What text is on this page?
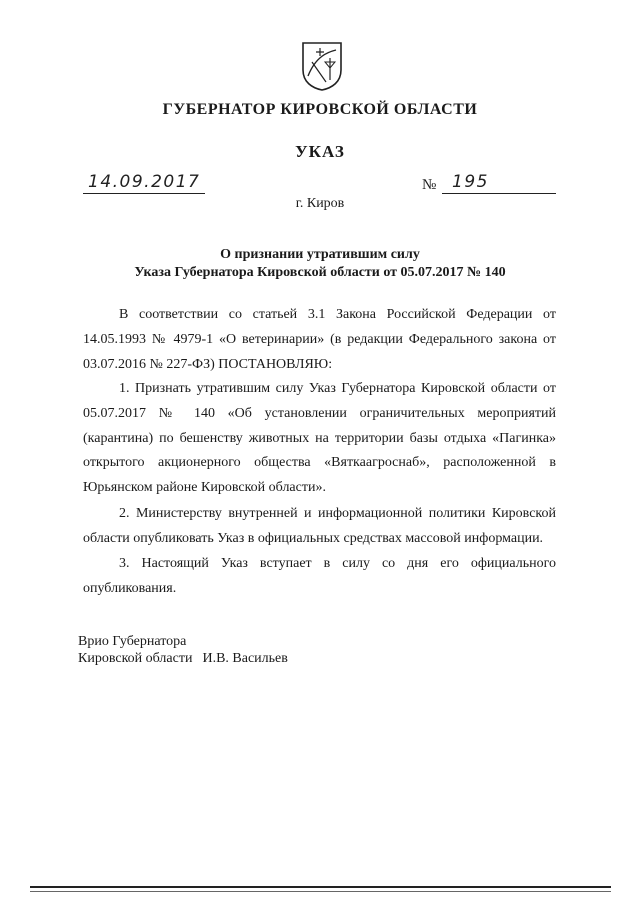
ГУБЕРНАТОР КИРОВСКОЙ ОБЛАСТИ
УКАЗ
14.09.2017	№ 195
г. Киров
О признании утратившим силу
Указа Губернатора Кировской области от 05.07.2017 № 140
В соответствии со статьей 3.1 Закона Российской Федерации от 14.05.1993 № 4979-1 «О ветеринарии» (в редакции Федерального закона от 03.07.2016 № 227-ФЗ) ПОСТАНОВЛЯЮ:
1. Признать утратившим силу Указ Губернатора Кировской области от 05.07.2017 № 140 «Об установлении ограничительных мероприятий (карантина) по бешенству животных на территории базы отдыха «Пагинка» открытого акционерного общества «Вяткаагроснаб», расположенной в Юрьянском районе Кировской области».
2. Министерству внутренней и информационной политики Кировской области опубликовать Указ в официальных средствах массовой информации.
3. Настоящий Указ вступает в силу со дня его официального опубликования.
Врио Губернатора
Кировской области И.В. Васильев
